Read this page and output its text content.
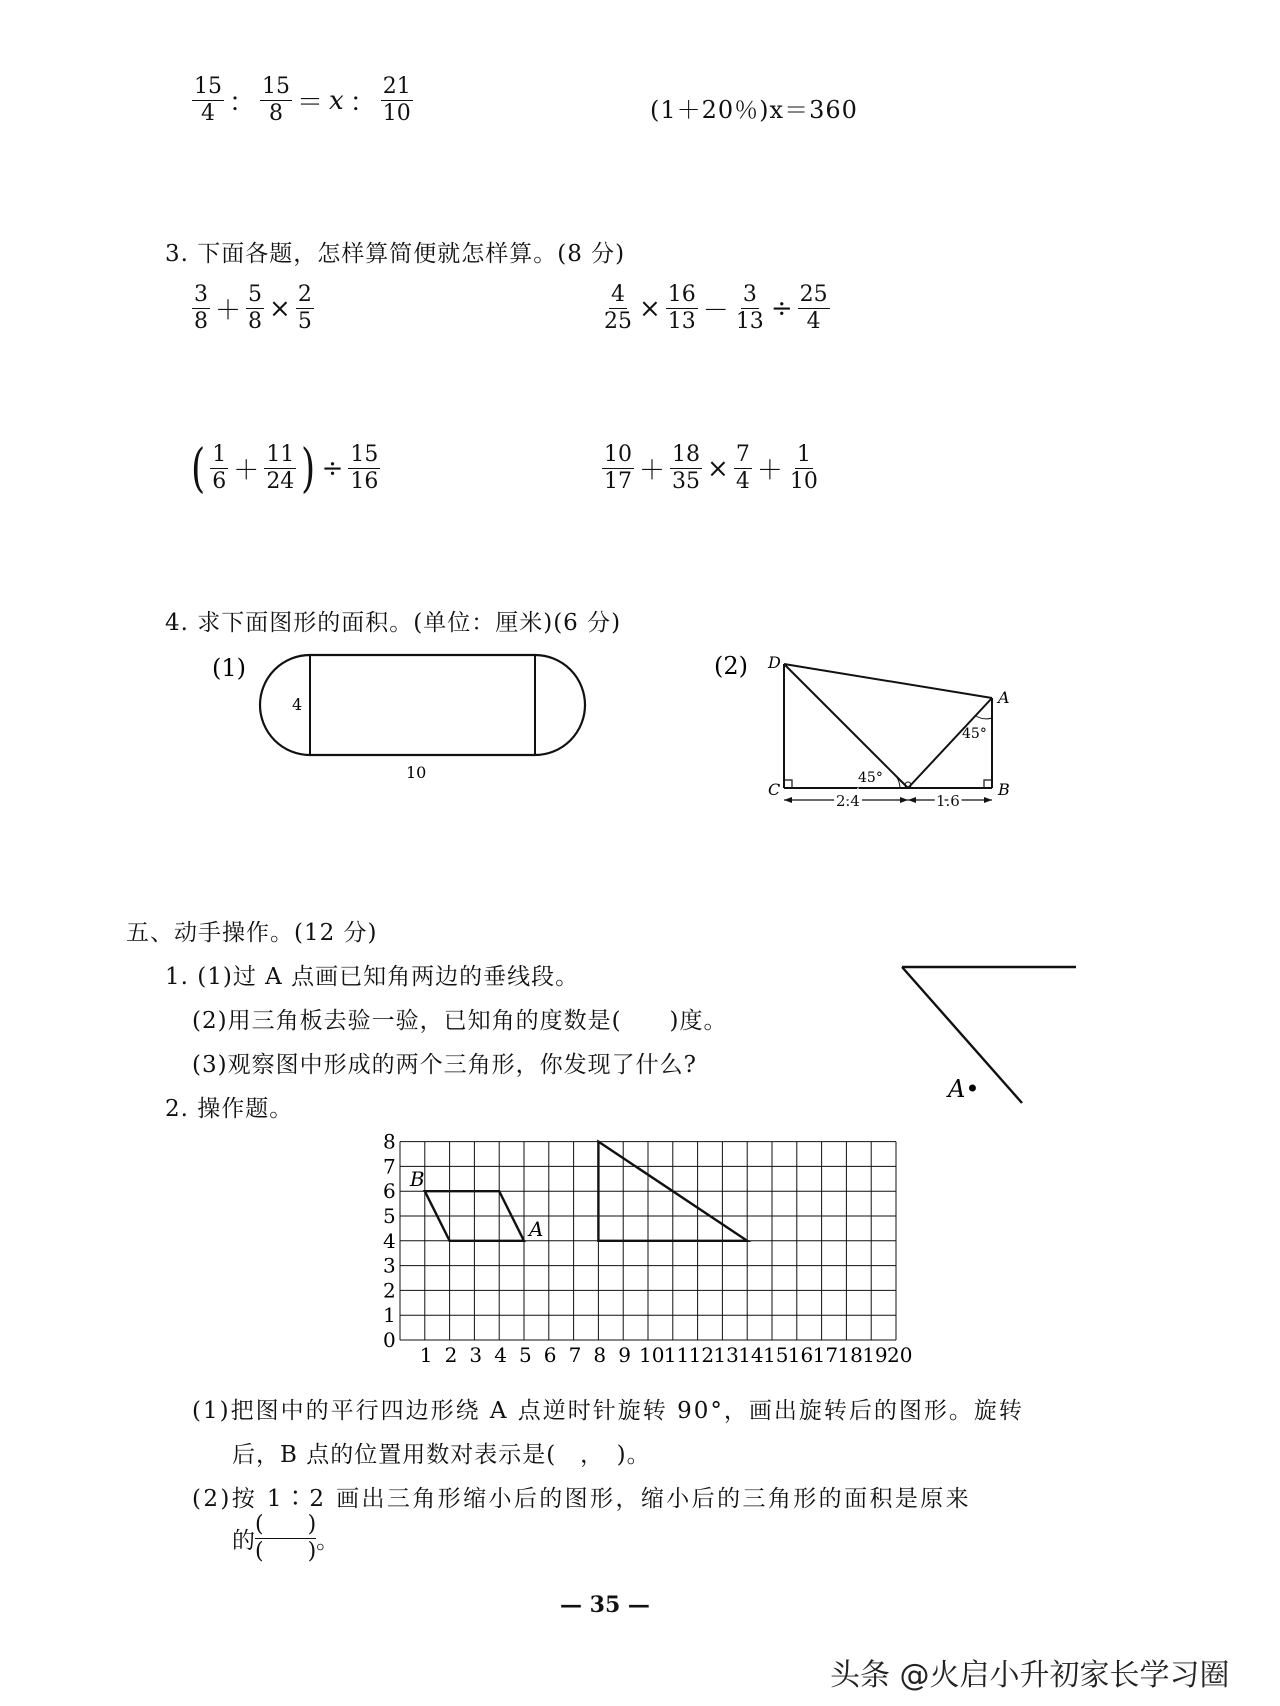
$\frac{15}{4}$ ： $\frac{15}{8} = x$ ： $\frac{21}{10}$	(1＋20％)x＝360
3. 下面各题，怎样算简便就怎样算。(8 分)
$\frac{3}{8} + \frac{5}{8} \times \frac{2}{5}$	$\frac{4}{25} \times \frac{16}{13} - \frac{3}{13} \div \frac{25}{4}$
( $\frac{1}{6} + \frac{11}{24}$ ) ÷ $\frac{15}{16}$	$\frac{10}{17} + \frac{18}{35} \times \frac{7}{4} + \frac{1}{10}$
4. 求下面图形的面积。(单位：厘米)(6 分)
(1)
4
10
(2) D
A
C	B
45°
45°
2.4	1.6
五、动手操作。(12 分)
1. (1)过 A 点画已知角两边的垂线段。
(2)用三角板去验一验，已知角的度数是(　　)度。
(3)观察图中形成的两个三角形，你发现了什么?
A•
2. 操作题。
1 2 3 4 5 6 7 8 9 10 11 12 13 14 15 16 17 18 19 20
0
1
2
3
4
5
6
7
8
B
A
(1)把图中的平行四边形绕 A 点逆时针旋转 90°，画出旋转后的图形。旋转
后，B 点的位置用数对表示是(　，　)。
(2)按 1∶2 画出三角形缩小后的图形，缩小后的三角形的面积是原来
的 $\frac{( )}{( )}$ 。
— 35 —
头条 @火启小升初家长学习圈
